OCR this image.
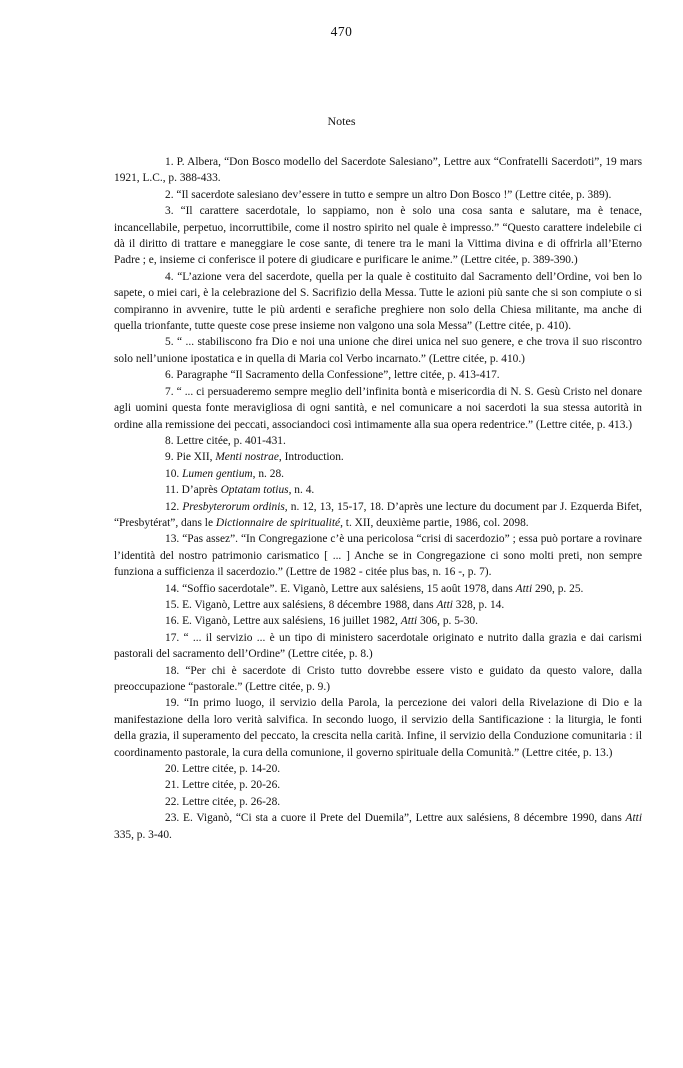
470
Notes

1. P. Albera, “Don Bosco modello del Sacerdote Salesiano”, Lettre aux “Confratelli Sacerdoti”, 19 mars 1921, L.C., p. 388-433.

2. “Il sacerdote salesiano dev’essere in tutto e sempre un altro Don Bosco !” (Lettre citée, p. 389).

3. “Il carattere sacerdotale, lo sappiamo, non è solo una cosa santa e salutare, ma è tenace, incancellabile, perpetuo, incorruttibile, come il nostro spirito nel quale è impresso.” “Questo carattere indelebile ci dà il diritto di trattare e maneggiare le cose sante, di tenere tra le mani la Vittima divina e di offrirla all’Eterno Padre ; e, insieme ci conferisce il potere di giudicare e purificare le anime.” (Lettre citée, p. 389-390.)

4. “L’azione vera del sacerdote, quella per la quale è costituito dal Sacramento dell’Ordine, voi ben lo sapete, o miei cari, è la celebrazione del S. Sacrifizio della Messa. Tutte le azioni più sante che si son compiute o si compiranno in avvenire, tutte le più ardenti e serafiche preghiere non solo della Chiesa militante, ma anche di quella trionfante, tutte queste cose prese insieme non valgono una sola Messa” (Lettre citée, p. 410).

5. “ ... stabiliscono fra Dio e noi una unione che direi unica nel suo genere, e che trova il suo riscontro solo nell’unione ipostatica e in quella di Maria col Verbo incarnato.” (Lettre citée, p. 410.)

6. Paragraphe “Il Sacramento della Confessione”, lettre citée, p. 413-417.

7. “ ... ci persuaderemo sempre meglio dell’infinita bontà e misericordia di N. S. Gesù Cristo nel donare agli uomini questa fonte meravigliosa di ogni santità, e nel comunicare a noi sacerdoti la sua stessa autorità in ordine alla remissione dei peccati, associandoci così intimamente alla sua opera redentrice.” (Lettre citée, p. 413.)

8. Lettre citée, p. 401-431.

9. Pie XII, Menti nostrae, Introduction.

10. Lumen gentium, n. 28.

11. D’après Optatam totius, n. 4.

12. Presbyterorum ordinis, n. 12, 13, 15-17, 18. D’après une lecture du document par J. Ezquerda Bifet, “Presbytérat”, dans le Dictionnaire de spiritualité, t. XII, deuxième partie, 1986, col. 2098.

13. “Pas assez”. “In Congregazione c’è una pericolosa “crisi di sacerdozio” ; essa può portare a rovinare l’identità del nostro patrimonio carismatico [ ... ] Anche se in Congregazione ci sono molti preti, non sempre funziona a sufficienza il sacerdozio.” (Lettre de 1982 - citée plus bas, n. 16 -, p. 7).

14. “Soffio sacerdotale”. E. Viganò, Lettre aux salésiens, 15 août 1978, dans Atti 290, p. 25.

15. E. Viganò, Lettre aux salésiens, 8 décembre 1988, dans Atti 328, p. 14.

16. E. Viganò, Lettre aux salésiens, 16 juillet 1982, Atti 306, p. 5-30.

17. “ ... il servizio ... è un tipo di ministero sacerdotale originato e nutrito dalla grazia e dai carismi pastorali del sacramento dell’Ordine” (Lettre citée, p. 8.)

18. “Per chi è sacerdote di Cristo tutto dovrebbe essere visto e guidato da questo valore, dalla preoccupazione “pastorale.” (Lettre citée, p. 9.)

19. “In primo luogo, il servizio della Parola, la percezione dei valori della Rivelazione di Dio e la manifestazione della loro verità salvifica. In secondo luogo, il servizio della Santificazione : la liturgia, le fonti della grazia, il superamento del peccato, la crescita nella carità. Infine, il servizio della Conduzione comunitaria : il coordinamento pastorale, la cura della comunione, il governo spirituale della Comunità.” (Lettre citée, p. 13.)

20. Lettre citée, p. 14-20.

21. Lettre citée, p. 20-26.

22. Lettre citée, p. 26-28.

23. E. Viganò, “Ci sta a cuore il Prete del Duemila”, Lettre aux salésiens, 8 décembre 1990, dans Atti 335, p. 3-40.
